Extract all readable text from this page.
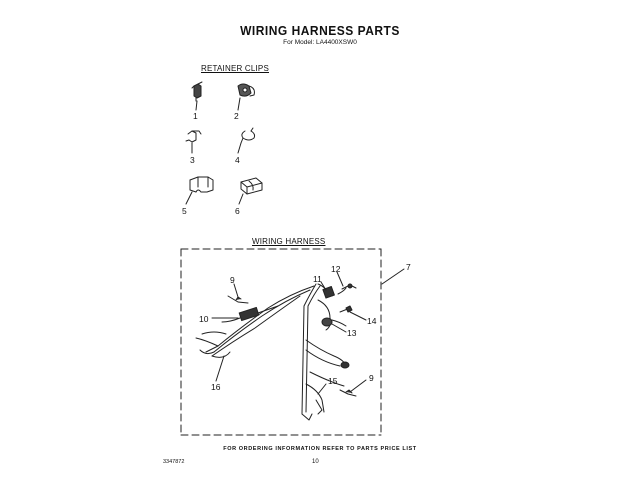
WIRING HARNESS PARTS
For Model: LA4400XSW0
RETAINER CLIPS
1	2
3	4
5	6
WIRING HARNESS
7
9
10
11
12
13
14
15
16
9
FOR ORDERING INFORMATION REFER TO PARTS PRICE LIST
3347872	10
